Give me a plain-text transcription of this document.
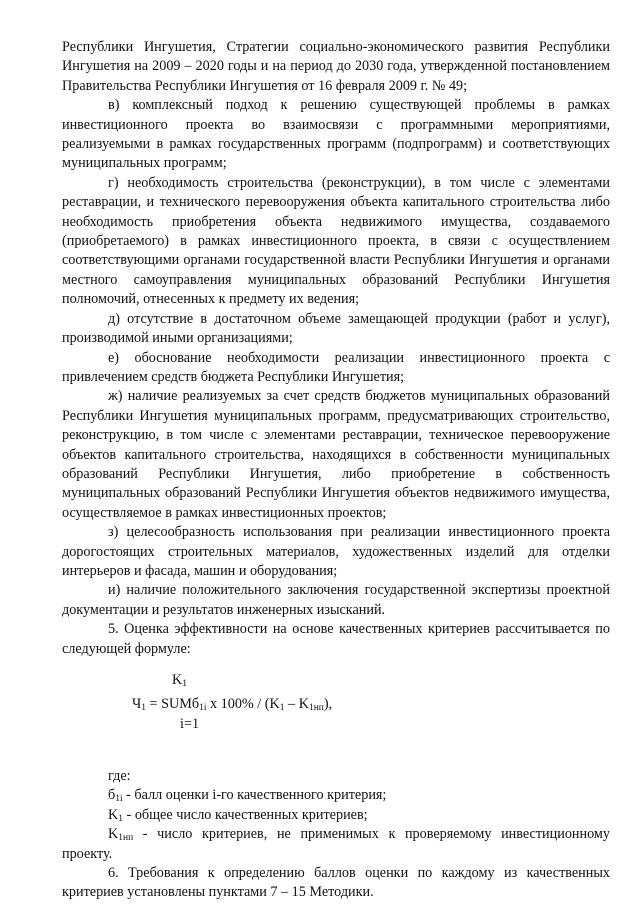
Республики Ингушетия, Стратегии социально-экономического развития Республики Ингушетия на 2009 – 2020 годы и на период до 2030 года, утвержденной постановлением Правительства Республики Ингушетия от 16 февраля 2009 г. № 49;

в) комплексный подход к решению существующей проблемы в рамках инвестиционного проекта во взаимосвязи с программными мероприятиями, реализуемыми в рамках государственных программ (подпрограмм) и соответствующих муниципальных программ;

г) необходимость строительства (реконструкции), в том числе с элементами реставрации, и технического перевооружения объекта капитального строительства либо необходимость приобретения объекта недвижимого имущества, создаваемого (приобретаемого) в рамках инвестиционного проекта, в связи с осуществлением соответствующими органами государственной власти Республики Ингушетия и органами местного самоуправления муниципальных образований Республики Ингушетия полномочий, отнесенных к предмету их ведения;

д) отсутствие в достаточном объеме замещающей продукции (работ и услуг), производимой иными организациями;

е) обоснование необходимости реализации инвестиционного проекта с привлечением средств бюджета Республики Ингушетия;

ж) наличие реализуемых за счет средств бюджетов муниципальных образований Республики Ингушетия муниципальных программ, предусматривающих строительство, реконструкцию, в том числе с элементами реставрации, техническое перевооружение объектов капитального строительства, находящихся в собственности муниципальных образований Республики Ингушетия, либо приобретение в собственность муниципальных образований Республики Ингушетия объектов недвижимого имущества, осуществляемое в рамках инвестиционных проектов;

з) целесообразность использования при реализации инвестиционного проекта дорогостоящих строительных материалов, художественных изделий для отделки интерьеров и фасада, машин и оборудования;

и) наличие положительного заключения государственной экспертизы проектной документации и результатов инженерных изысканий.

5. Оценка эффективности на основе качественных критериев рассчитывается по следующей формуле:

$K_1$
$Ч_1$ = SUMб$_{1i}$ x $100\% / (K_1 - K_{1нп})$,
i=1

где:

$б_{1i}$ - балл оценки i-го качественного критерия;

$K_1$ - общее число качественных критериев;

$K_{1нп}$ - число критериев, не применимых к проверяемому инвестиционному проекту.

6. Требования к определению баллов оценки по каждому из качественных критериев установлены пунктами 7 – 15 Методики.
